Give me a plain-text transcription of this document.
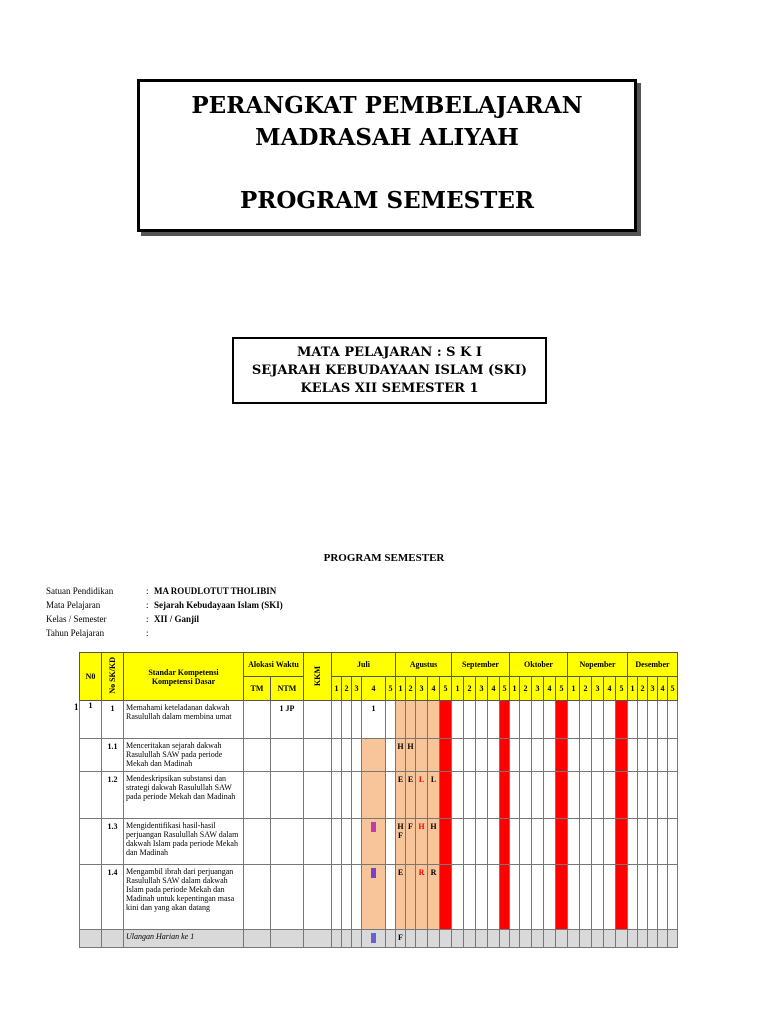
PERANGKAT PEMBELAJARAN
MADRASAH ALIYAH
PROGRAM SEMESTER
MATA PELAJARAN : S K I
SEJARAH KEBUDAYAAN ISLAM (SKI)
KELAS XII SEMESTER 1
PROGRAM SEMESTER
Satuan Pendidikan	: MA ROUDLOTUT THOLIBIN
Mata Pelajaran	: Sejarah Kebudayaan Islam (SKI)
Kelas / Semester	: XII / Ganjil
Tahun Pelajaran	:
1
N0	No SK/KD	Standar Kompetensi
Kompetensi Dasar	Alokasi Waktu		KKM	Juli					Agustus					September					Oktober					Nopember					Desember				
			TM	NTM		1	2	3	4	5	1	2	3	4	5	1	2	3	4	5	1	2	3	4	5	1	2	3	4	5	1	2	3	4	5
1	1	Memahami keteladanan dakwah Rasulullah dalam membina umat		1 JP					1																										
	1.1	Menceritakan sejarah dakwah Rasulullah SAW pada periode Mekah dan Madinah									H	H																							
	1.2	Mendeskripsikan substansi dan strategi dakwah Rasulullah SAW pada periode Mekah dan Madinah									E	E	L	L																					
	1.3	Mengidentifikasi hasil-hasil perjuangan Rasulullah SAW dalam dakwah Islam pada periode Mekah dan Madinah									H F	F	H	H																					
	1.4	Mengambil ibrah dari perjuangan Rasulullah SAW dalam dakwah Islam pada periode Mekah dan Madinah untuk kepentingan masa kini dan yang akan datang									E		R	R																					
		Ulangan Harian ke 1									F																								
